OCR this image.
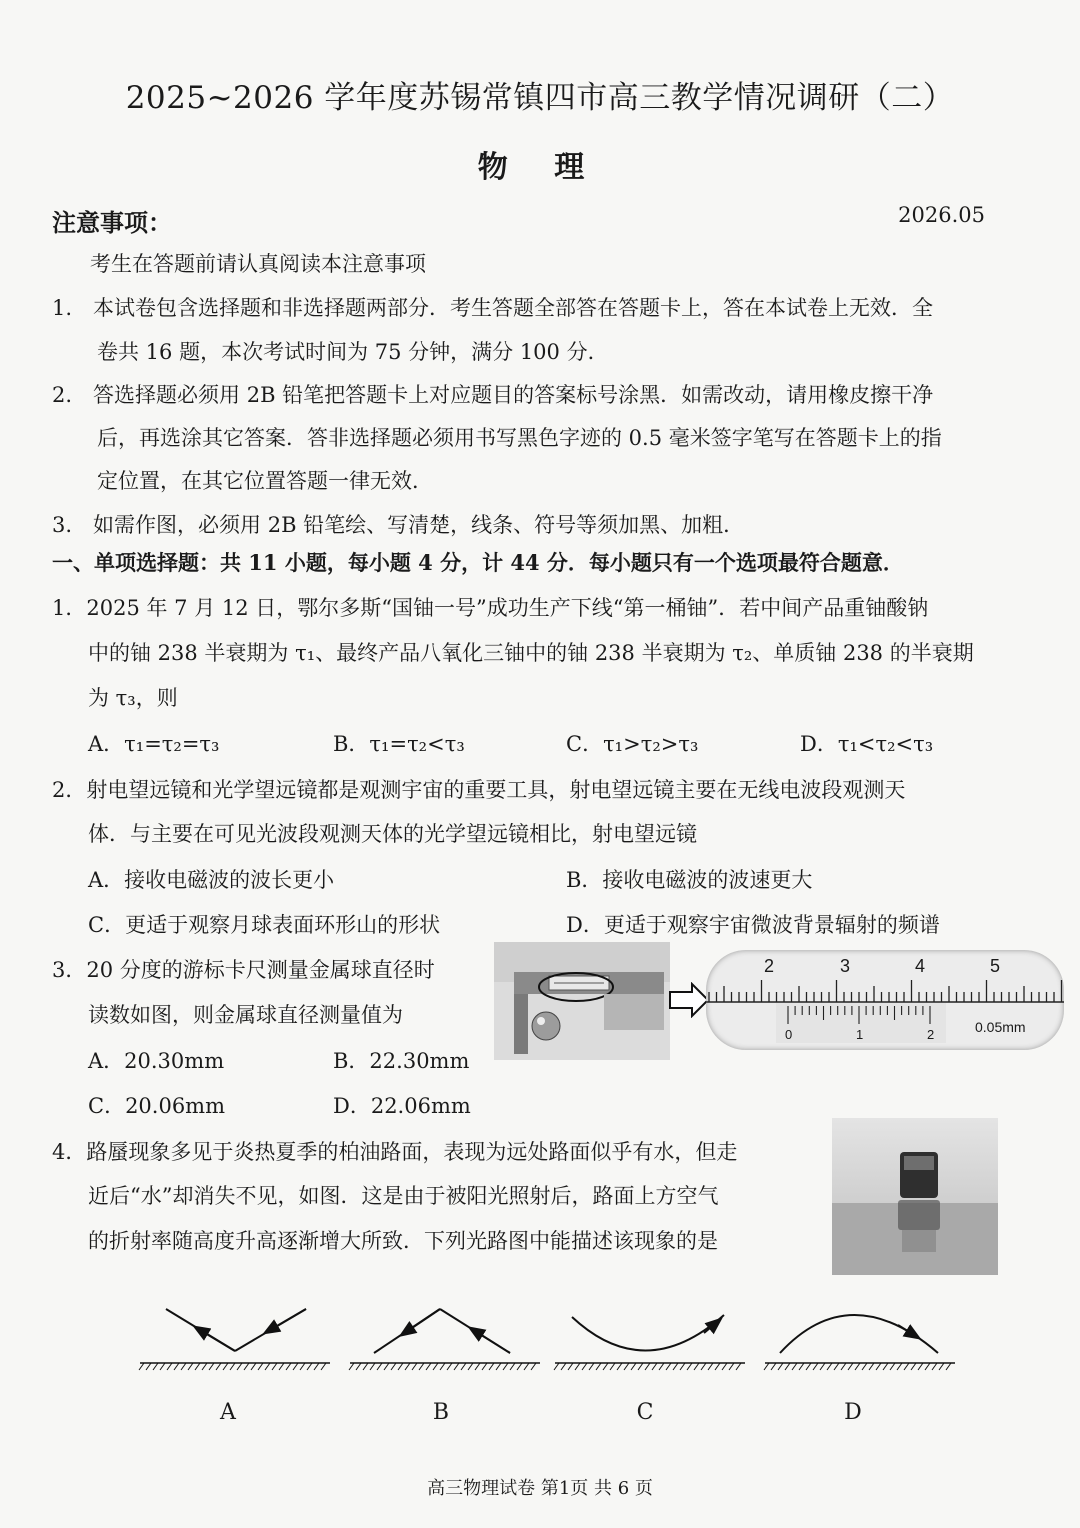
2025~2026 学年度苏锡常镇四市高三教学情况调研（二）
物 理
注意事项：	2026.05
考生在答题前请认真阅读本注意事项
1.　本试卷包含选择题和非选择题两部分．考生答题全部答在答题卡上，答在本试卷上无效．全
卷共 16 题，本次考试时间为 75 分钟，满分 100 分．
2.　答选择题必须用 2B 铅笔把答题卡上对应题目的答案标号涂黑．如需改动，请用橡皮擦干净
后，再选涂其它答案．答非选择题必须用书写黑色字迹的 0.5 毫米签字笔写在答题卡上的指
定位置，在其它位置答题一律无效．
3.　如需作图，必须用 2B 铅笔绘、写清楚，线条、符号等须加黑、加粗．
一、单项选择题：共 11 小题，每小题 4 分，计 44 分．每小题只有一个选项最符合题意．
1．2025 年 7 月 12 日，鄂尔多斯“国铀一号”成功生产下线“第一桶铀”．若中间产品重铀酸钠
中的铀 238 半衰期为 τ₁、最终产品八氧化三铀中的铀 238 半衰期为 τ₂、单质铀 238 的半衰期
为 τ₃，则
A．τ₁=τ₂=τ₃	B．τ₁=τ₂<τ₃	C．τ₁>τ₂>τ₃	D．τ₁<τ₂<τ₃
2．射电望远镜和光学望远镜都是观测宇宙的重要工具，射电望远镜主要在无线电波段观测天
体．与主要在可见光波段观测天体的光学望远镜相比，射电望远镜
A．接收电磁波的波长更小	B．接收电磁波的波速更大
C．更适于观察月球表面环形山的形状	D．更适于观察宇宙微波背景辐射的频谱
3．20 分度的游标卡尺测量金属球直径时
读数如图，则金属球直径测量值为
A．20.30mm	B．22.30mm
C．20.06mm	D．22.06mm
2	3	4	5
0	1	2	0.05mm
4．路蜃现象多见于炎热夏季的柏油路面，表现为远处路面似乎有水，但走
近后“水”却消失不见，如图．这是由于被阳光照射后，路面上方空气
的折射率随高度升高逐渐增大所致．下列光路图中能描述该现象的是
A	B	C	D
高三物理试卷 第1页 共 6 页
